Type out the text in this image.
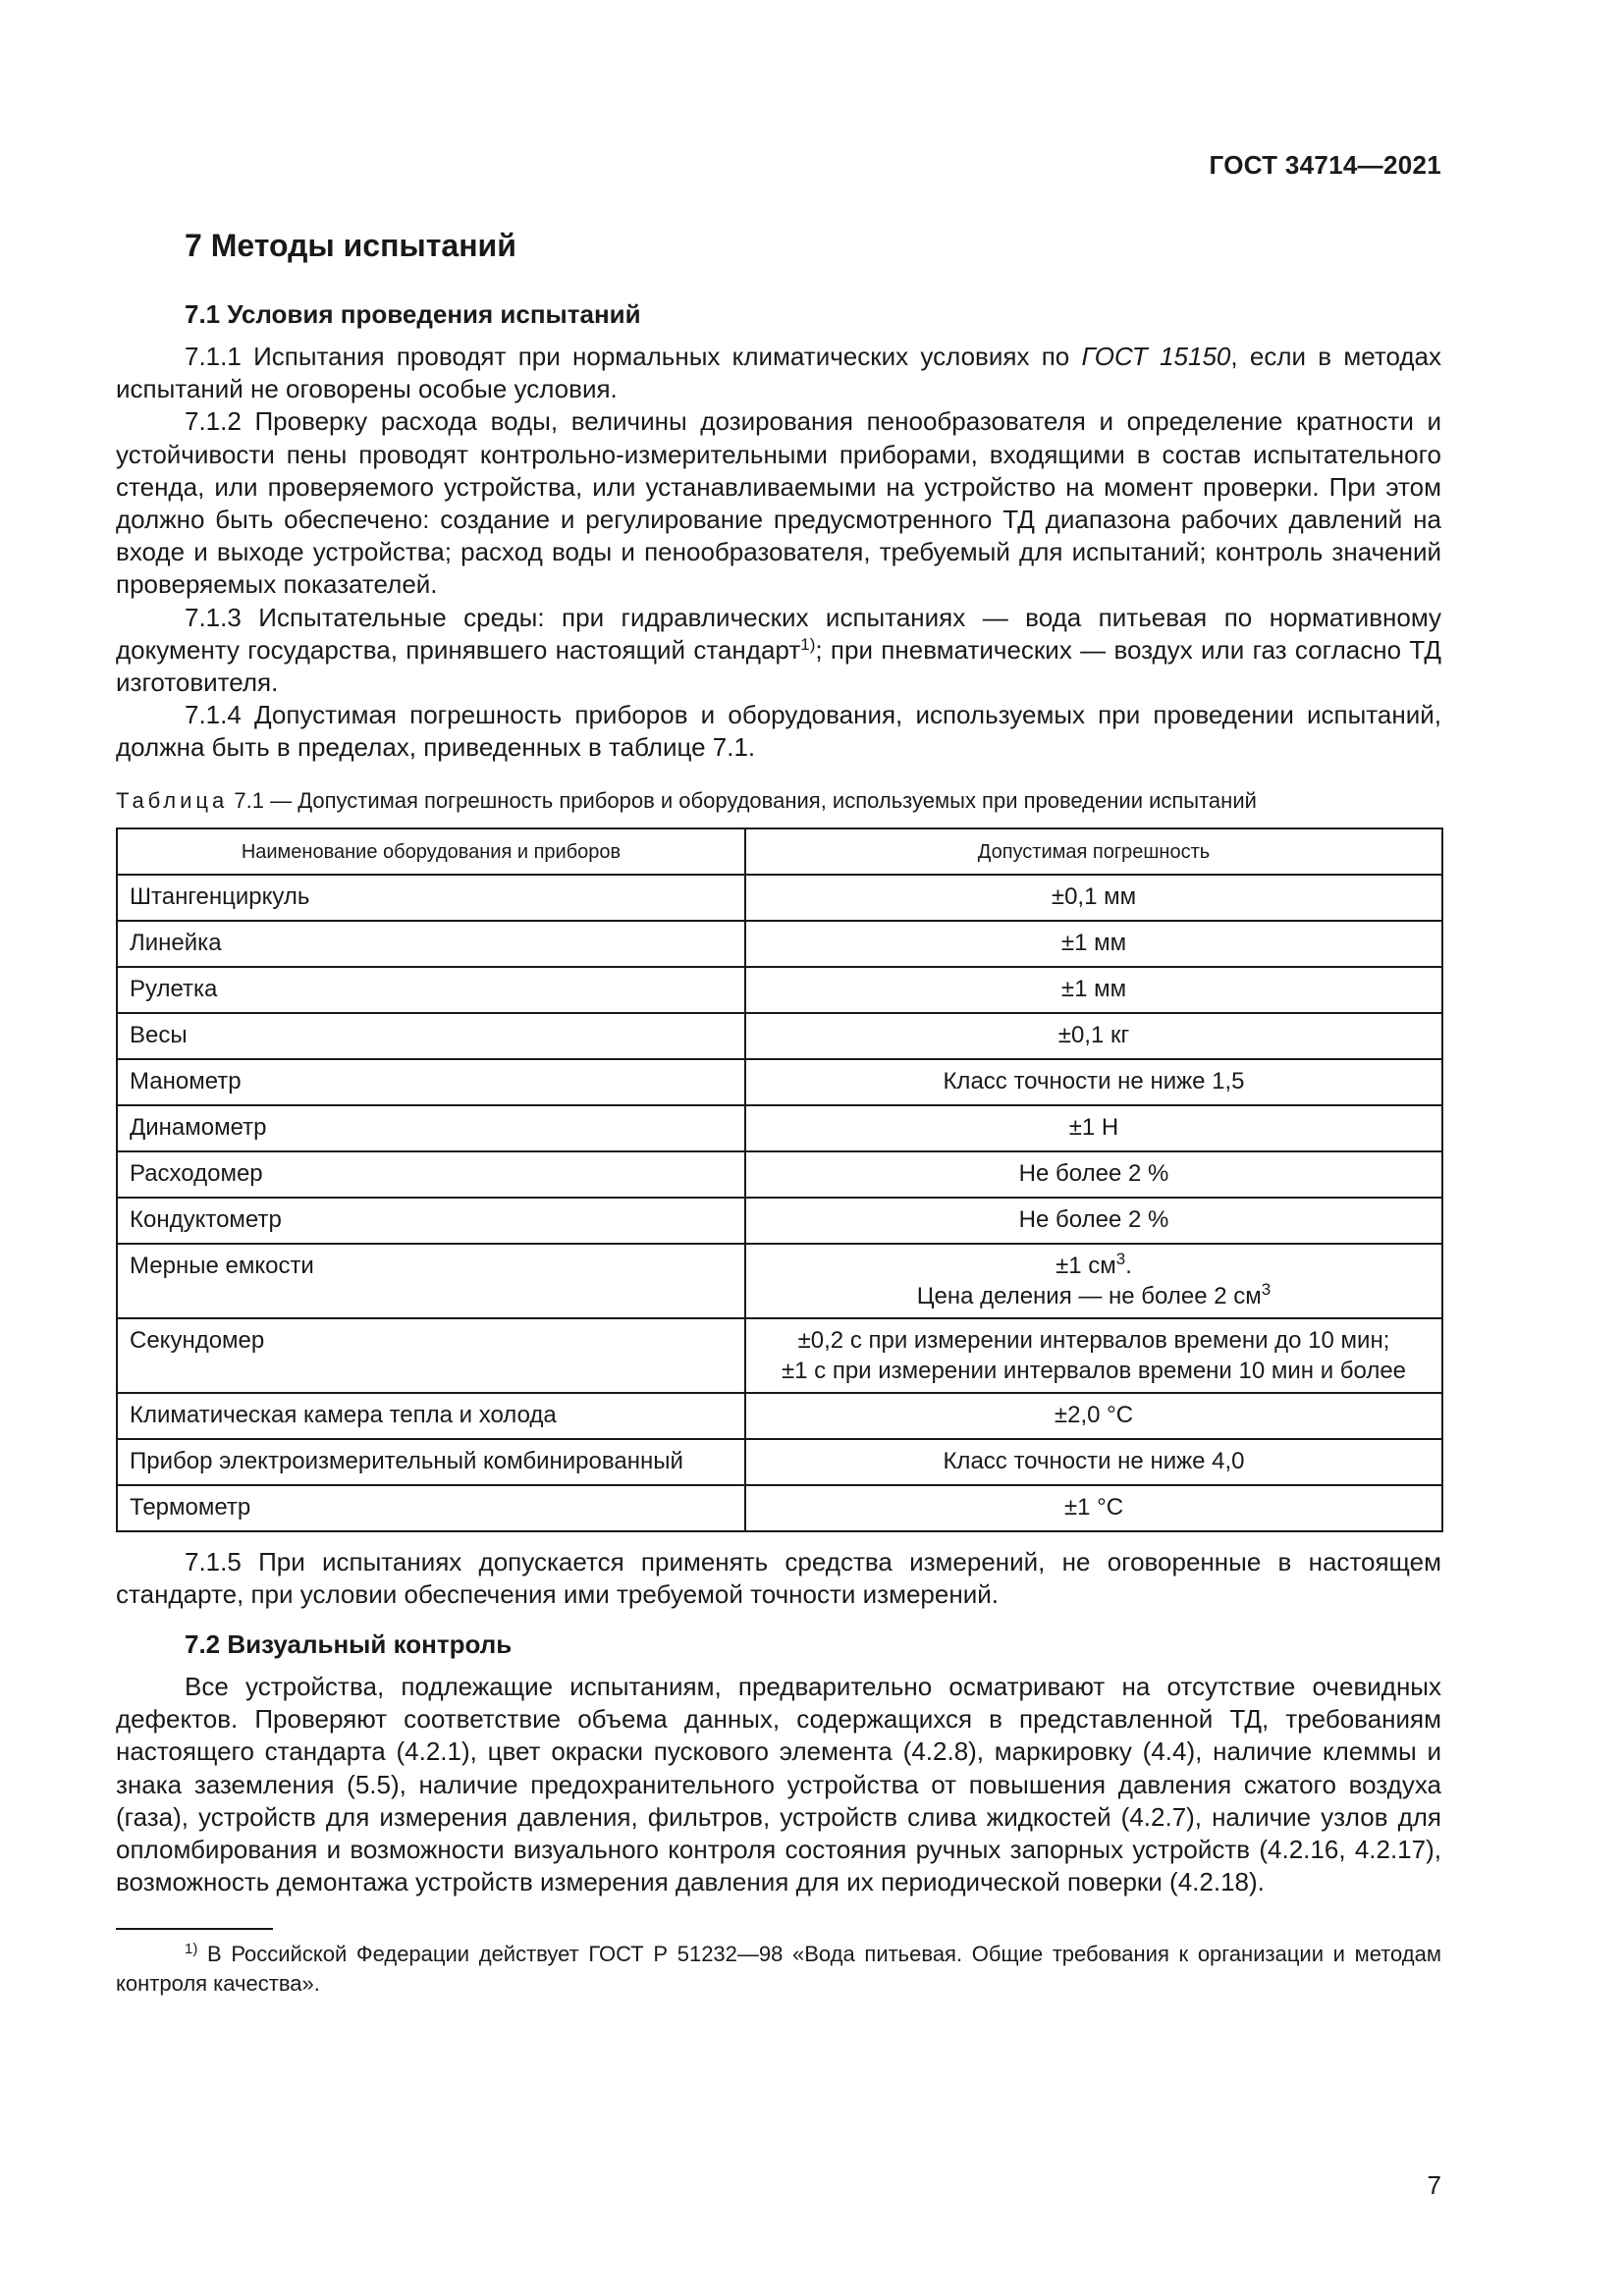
ГОСТ 34714—2021
7 Методы испытаний
7.1 Условия проведения испытаний

7.1.1 Испытания проводят при нормальных климатических условиях по ГОСТ 15150, если в методах испытаний не оговорены особые условия.

7.1.2 Проверку расхода воды, величины дозирования пенообразователя и определение кратности и устойчивости пены проводят контрольно-измерительными приборами, входящими в состав испытательного стенда, или проверяемого устройства, или устанавливаемыми на устройство на момент проверки. При этом должно быть обеспечено: создание и регулирование предусмотренного ТД диапазона рабочих давлений на входе и выходе устройства; расход воды и пенообразователя, требуемый для испытаний; контроль значений проверяемых показателей.

7.1.3 Испытательные среды: при гидравлических испытаниях — вода питьевая по нормативному документу государства, принявшего настоящий стандарт$^{1)}$; при пневматических — воздух или газ согласно ТД изготовителя.

7.1.4 Допустимая погрешность приборов и оборудования, используемых при проведении испытаний, должна быть в пределах, приведенных в таблице 7.1.

Таблица 7.1 — Допустимая погрешность приборов и оборудования, используемых при проведении испытаний
Наименование оборудования и приборов	Допустимая погрешность
Штангенциркуль	±0,1 мм
Линейка	±1 мм
Рулетка	±1 мм
Весы	±0,1 кг
Манометр	Класс точности не ниже 1,5
Динамометр	±1 Н
Расходомер	Не более 2 %
Кондуктометр	Не более 2 %
Мерные емкости	±1 $см^3$.
Цена деления — не более 2 $см^3$
Секундомер	±0,2 с при измерении интервалов времени до 10 мин;
±1 с при измерении интервалов времени 10 мин и более
Климатическая камера тепла и холода	±2,0 °С
Прибор электроизмерительный комбинированный	Класс точности не ниже 4,0
Термометр	±1 °С

7.1.5 При испытаниях допускается применять средства измерений, не оговоренные в настоящем стандарте, при условии обеспечения ими требуемой точности измерений.

7.2 Визуальный контроль

Все устройства, подлежащие испытаниям, предварительно осматривают на отсутствие очевидных дефектов. Проверяют соответствие объема данных, содержащихся в представленной ТД, требованиям настоящего стандарта (4.2.1), цвет окраски пускового элемента (4.2.8), маркировку (4.4), наличие клеммы и знака заземления (5.5), наличие предохранительного устройства от повышения давления сжатого воздуха (газа), устройств для измерения давления, фильтров, устройств слива жидкостей (4.2.7), наличие узлов для опломбирования и возможности визуального контроля состояния ручных запорных устройств (4.2.16, 4.2.17), возможность демонтажа устройств измерения давления для их периодической поверки (4.2.18).

$^{1)}$ В Российской Федерации действует ГОСТ Р 51232—98 «Вода питьевая. Общие требования к организации и методам контроля качества».

7
